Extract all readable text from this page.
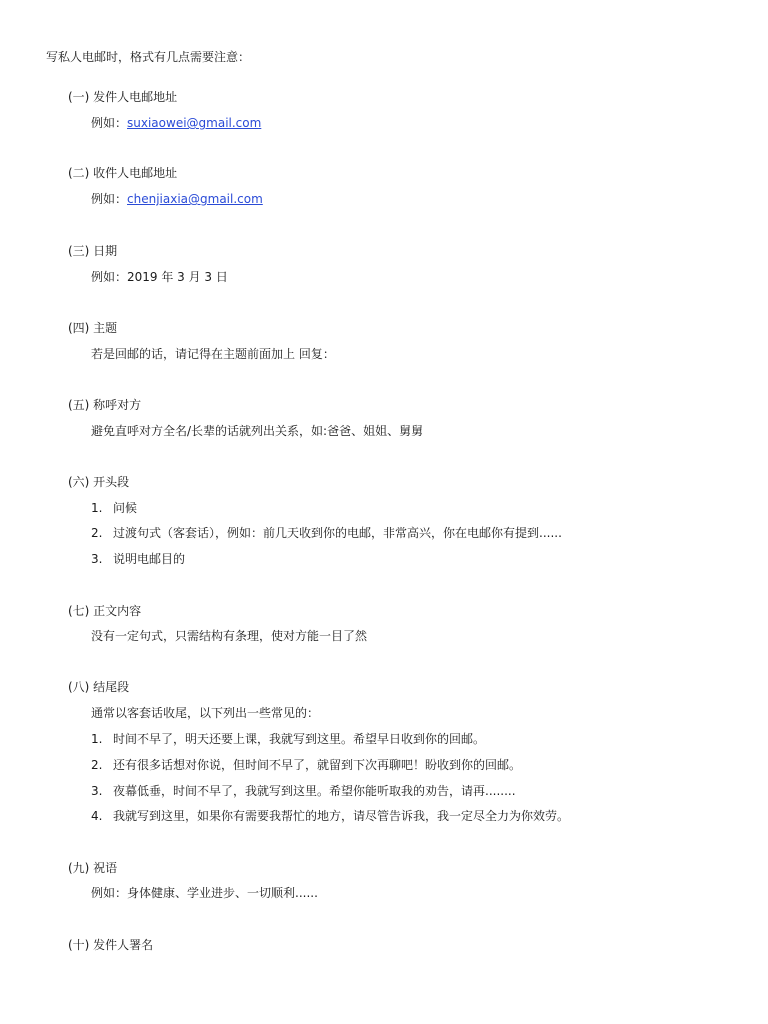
写私人电邮时，格式有几点需要注意：
(一) 发件人电邮地址
例如：suxiaowei@gmail.com
(二) 收件人电邮地址
例如：chenjiaxia@gmail.com
(三) 日期
例如：2019 年 3 月 3 日
(四) 主题
若是回邮的话，请记得在主题前面加上 回复：
(五) 称呼对方
避免直呼对方全名/长辈的话就列出关系，如:爸爸、姐姐、舅舅
(六) 开头段
1. 问候
2. 过渡句式（客套话），例如：前几天收到你的电邮，非常高兴，你在电邮你有提到......
3. 说明电邮目的
(七) 正文内容
没有一定句式，只需结构有条理，使对方能一目了然
(八) 结尾段
通常以客套话收尾，以下列出一些常见的：
1. 时间不早了，明天还要上课，我就写到这里。希望早日收到你的回邮。
2. 还有很多话想对你说，但时间不早了，就留到下次再聊吧！盼收到你的回邮。
3. 夜幕低垂，时间不早了，我就写到这里。希望你能听取我的劝告，请再........
4. 我就写到这里，如果你有需要我帮忙的地方，请尽管告诉我，我一定尽全力为你效劳。
(九) 祝语
例如：身体健康、学业进步、一切顺利......
(十) 发件人署名
